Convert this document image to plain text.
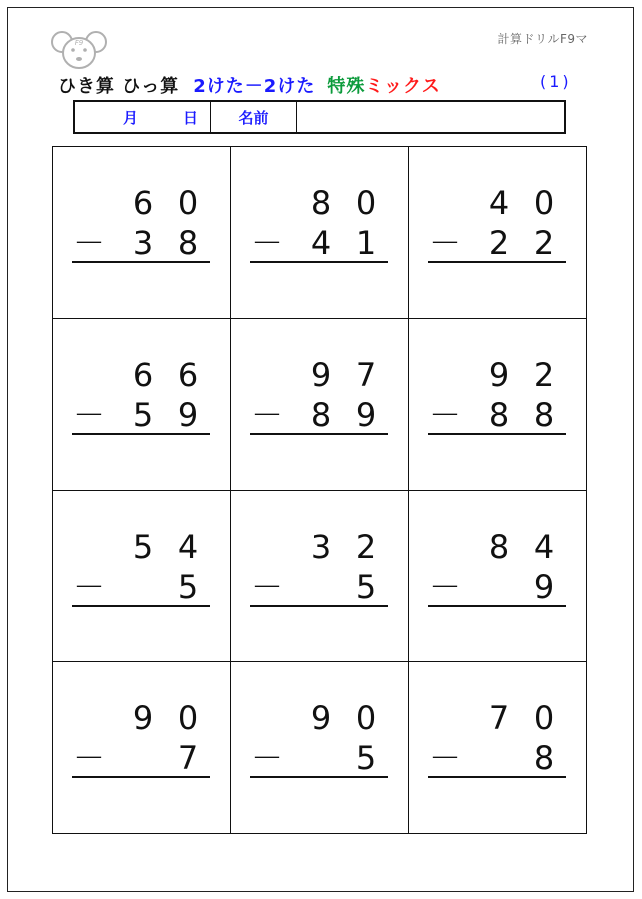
F9	計算ドリルF9マ
ひき算 ひっ算 2けた－2けた 特殊ミックス	(1)
月	日	名前
6 0
－ 3 8
8 0
－ 4 1
4 0
－ 2 2
6 6
－ 5 9
9 7
－ 8 9
9 2
－ 8 8
5 4
－ 5
3 2
－ 5
8 4
－ 9
9 0
－ 7
9 0
－ 5
7 0
－ 8
